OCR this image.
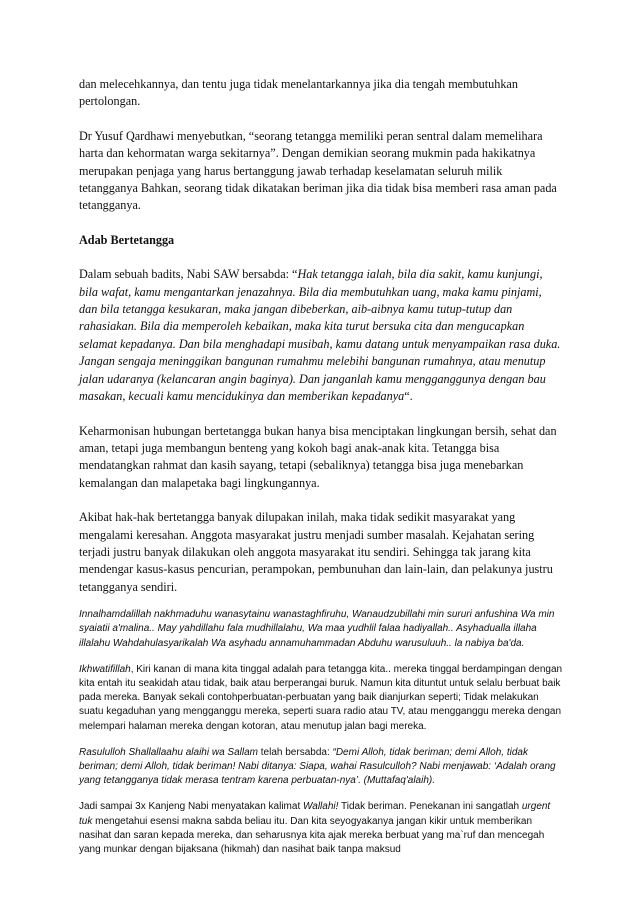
dan melecehkannya, dan tentu juga tidak menelantarkannya jika dia tengah membutuhkan pertolongan.

Dr Yusuf Qardhawi menyebutkan, “seorang tetangga memiliki peran sentral dalam memelihara harta dan kehormatan warga sekitarnya”. Dengan demikian seorang mukmin pada hakikatnya merupakan penjaga yang harus bertanggung jawab terhadap keselamatan seluruh milik tetangganya Bahkan, seorang tidak dikatakan beriman jika dia tidak bisa memberi rasa aman pada tetangganya.

Adab Bertetangga

Dalam sebuah badits, Nabi SAW bersabda: “Hak tetangga ialah, bila dia sakit, kamu kunjungi, bila wafat, kamu mengantarkan jenazahnya. Bila dia membutuhkan uang, maka kamu pinjami, dan bila tetangga kesukaran, maka jangan dibeberkan, aib-aibnya kamu tutup-tutup dan rahasiakan. Bila dia memperoleh kebaikan, maka kita turut bersuka cita dan mengucapkan selamat kepadanya. Dan bila menghadapi musibah, kamu datang untuk menyampaikan rasa duka. Jangan sengaja meninggikan bangunan rumahmu melebihi bangunan rumahnya, atau menutup jalan udaranya (kelancaran angin baginya). Dan janganlah kamu mengganggunya dengan bau masakan, kecuali kamu mencidukinya dan memberikan kepadanya“.

Keharmonisan hubungan bertetangga bukan hanya bisa menciptakan lingkungan bersih, sehat dan aman, tetapi juga membangun benteng yang kokoh bagi anak-anak kita. Tetangga bisa mendatangkan rahmat dan kasih sayang, tetapi (sebaliknya) tetangga bisa juga menebarkan kemalangan dan malapetaka bagi lingkungannya.

Akibat hak-hak bertetangga banyak dilupakan inilah, maka tidak sedikit masyarakat yang mengalami keresahan. Anggota masyarakat justru menjadi sumber masalah. Kejahatan sering terjadi justru banyak dilakukan oleh anggota masyarakat itu sendiri. Sehingga tak jarang kita mendengar kasus-kasus pencurian, perampokan, pembunuhan dan lain-lain, dan pelakunya justru tetangganya sendiri.

Innalhamdalillah nakhmaduhu wanasytainu wanastaghfiruhu, Wanaudzubillahi min sururi anfushina Wa min syaiatii a'malina.. May yahdillahu fala mudhillalahu, Wa maa yudhlil falaa hadiyallah.. Asyhadualla illaha illalahu Wahdahulasyarikalah Wa asyhadu annamuhammadan Abduhu warusuluuh.. la nabiya ba'da.

Ikhwatifillah, Kiri kanan di mana kita tinggal adalah para tetangga kita.. mereka tinggal berdampingan dengan kita entah itu seakidah atau tidak, baik atau berperangai buruk. Namun kita dituntut untuk selalu berbuat baik pada mereka. Banyak sekali contohperbuatan-perbuatan yang baik dianjurkan seperti; Tidak melakukan suatu kegaduhan yang mengganggu mereka, seperti suara radio atau TV, atau mengganggu mereka dengan melempari halaman mereka dengan kotoran, atau menutup jalan bagi mereka.

Rasululloh Shallallaahu alaihi wa Sallam telah bersabda: “Demi Alloh, tidak beriman; demi Alloh, tidak beriman; demi Alloh, tidak beriman! Nabi ditanya: Siapa, wahai Rasulculloh? Nabi menjawab: ‘Adalah orang yang tetangganya tidak merasa tentram karena perbuatan-nya’. (Muttafaq'alaih).

Jadi sampai 3x Kanjeng Nabi menyatakan kalimat Wallahi! Tidak beriman. Penekanan ini sangatlah urgent tuk mengetahui esensi makna sabda beliau itu. Dan kita seyogyakanya jangan kikir untuk memberikan nasihat dan saran kepada mereka, dan seharusnya kita ajak mereka berbuat yang ma`ruf dan mencegah yang munkar dengan bijaksana (hikmah) dan nasihat baik tanpa maksud
